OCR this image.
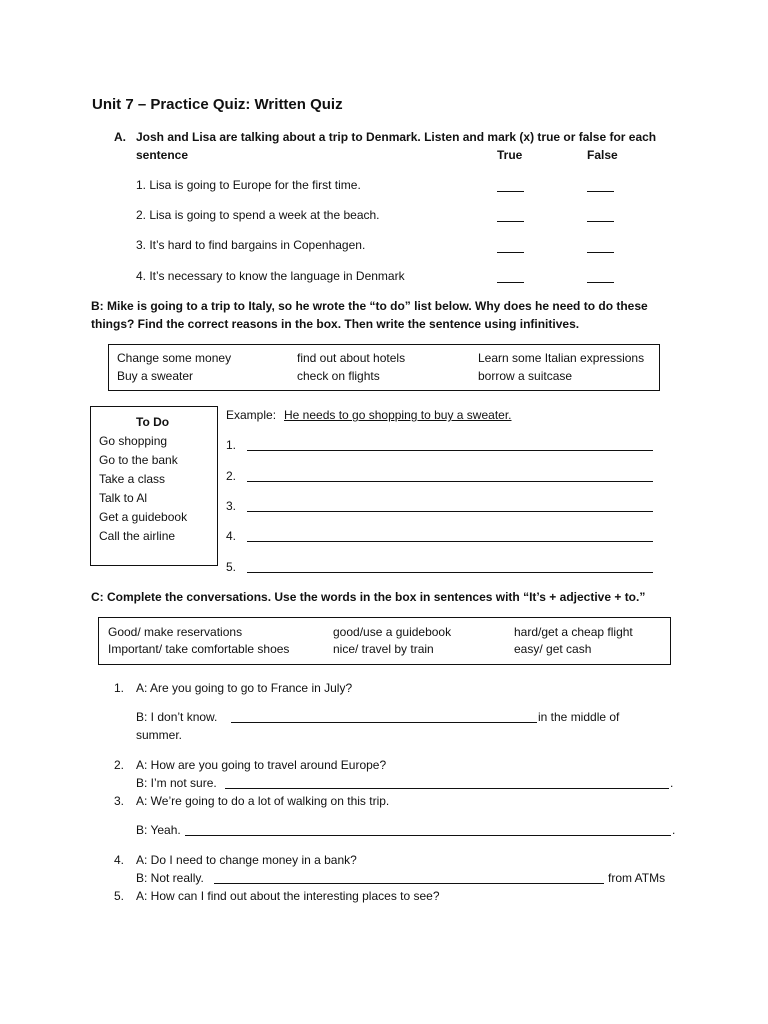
Unit 7 – Practice Quiz: Written Quiz
A. Josh and Lisa are talking about a trip to Denmark. Listen and mark (x) true or false for each
sentence	True	False
1. Lisa is going to Europe for the first time.
2. Lisa is going to spend a week at the beach.
3. It’s hard to find bargains in Copenhagen.
4. It’s necessary to know the language in Denmark
B: Mike is going to a trip to Italy, so he wrote the “to do” list below. Why does he need to do these
things? Find the correct reasons in the box. Then write the sentence using infinitives.
Change some money	find out about hotels	Learn some Italian expressions
Buy a sweater	check on flights	borrow a suitcase
To Do
Go shopping
Go to the bank
Take a class
Talk to Al
Get a guidebook
Call the airline
Example: He needs to go shopping to buy a sweater.
1.
2.
3.
4.
5.
C: Complete the conversations. Use the words in the box in sentences with “It’s + adjective + to.”
Good/ make reservations	good/use a guidebook	hard/get a cheap flight
Important/ take comfortable shoes	nice/ travel by train	easy/ get cash
1. A: Are you going to go to France in July?
B: I don’t know.	in the middle of
summer.
2. A: How are you going to travel around Europe?
B: I’m not sure.	.
3. A: We’re going to do a lot of walking on this trip.
B: Yeah.	.
4. A: Do I need to change money in a bank?
B: Not really.	from ATMs
5. A: How can I find out about the interesting places to see?
